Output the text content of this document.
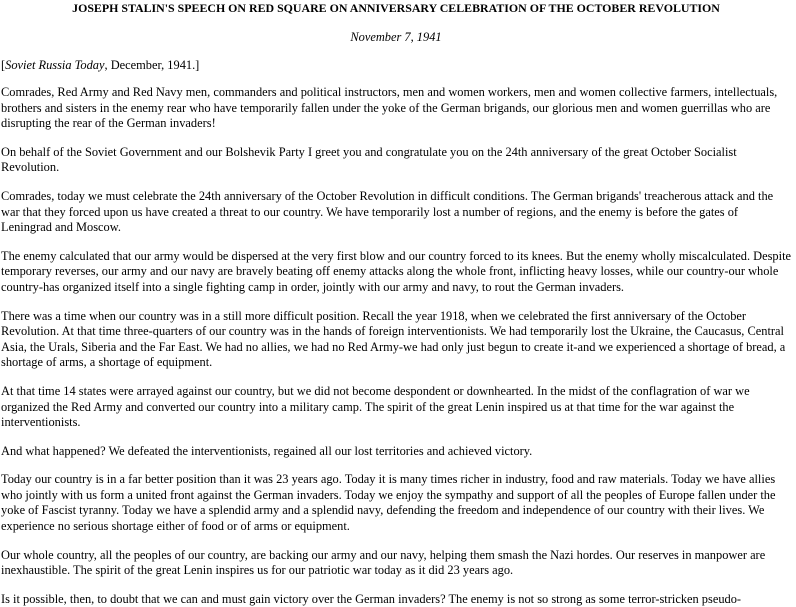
JOSEPH STALIN'S SPEECH ON RED SQUARE ON ANNIVERSARY CELEBRATION OF THE OCTOBER REVOLUTION
November 7, 1941
[Soviet Russia Today, December, 1941.]
Comrades, Red Army and Red Navy men, commanders and political instructors, men and women workers, men and women collective farmers, intellectuals, brothers and sisters in the enemy rear who have temporarily fallen under the yoke of the German brigands, our glorious men and women guerrillas who are disrupting the rear of the German invaders!
On behalf of the Soviet Government and our Bolshevik Party I greet you and congratulate you on the 24th anniversary of the great October Socialist Revolution.
Comrades, today we must celebrate the 24th anniversary of the October Revolution in difficult conditions. The German brigands' treacherous attack and the war that they forced upon us have created a threat to our country. We have temporarily lost a number of regions, and the enemy is before the gates of Leningrad and Moscow.
The enemy calculated that our army would be dispersed at the very first blow and our country forced to its knees. But the enemy wholly miscalculated. Despite temporary reverses, our army and our navy are bravely beating off enemy attacks along the whole front, inflicting heavy losses, while our country-our whole country-has organized itself into a single fighting camp in order, jointly with our army and navy, to rout the German invaders.
There was a time when our country was in a still more difficult position. Recall the year 1918, when we celebrated the first anniversary of the October Revolution. At that time three-quarters of our country was in the hands of foreign interventionists. We had temporarily lost the Ukraine, the Caucasus, Central Asia, the Urals, Siberia and the Far East. We had no allies, we had no Red Army-we had only just begun to create it-and we experienced a shortage of bread, a shortage of arms, a shortage of equipment.
At that time 14 states were arrayed against our country, but we did not become despondent or downhearted. In the midst of the conflagration of war we organized the Red Army and converted our country into a military camp. The spirit of the great Lenin inspired us at that time for the war against the interventionists.
And what happened? We defeated the interventionists, regained all our lost territories and achieved victory.
Today our country is in a far better position than it was 23 years ago. Today it is many times richer in industry, food and raw materials. Today we have allies who jointly with us form a united front against the German invaders. Today we enjoy the sympathy and support of all the peoples of Europe fallen under the yoke of Fascist tyranny. Today we have a splendid army and a splendid navy, defending the freedom and independence of our country with their lives. We experience no serious shortage either of food or of arms or equipment.
Our whole country, all the peoples of our country, are backing our army and our navy, helping them smash the Nazi hordes. Our reserves in manpower are inexhaustible. The spirit of the great Lenin inspires us for our patriotic war today as it did 23 years ago.
Is it possible, then, to doubt that we can and must gain victory over the German invaders? The enemy is not so strong as some terror-stricken pseudo-
